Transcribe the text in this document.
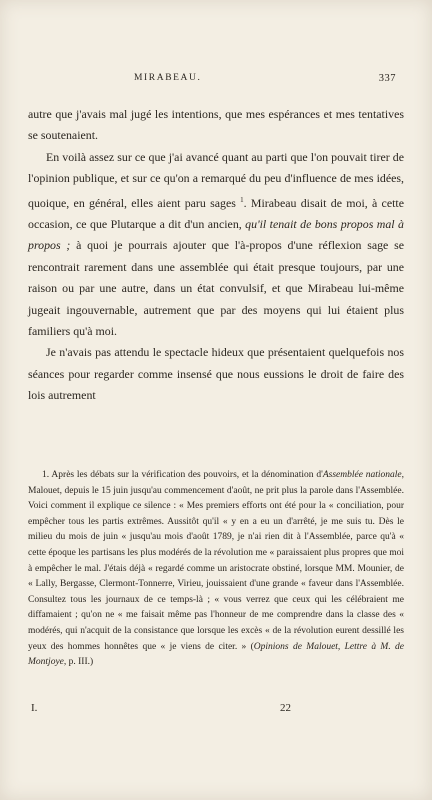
MIRABEAU.	337

autre que j'avais mal jugé les intentions, que mes espérances et mes tentatives se soutenaient.

En voilà assez sur ce que j'ai avancé quant au parti que l'on pouvait tirer de l'opinion publique, et sur ce qu'on a remarqué du peu d'influence de mes idées, quoique, en général, elles aient paru sages $^1$. Mirabeau disait de moi, à cette occasion, ce que Plutarque a dit d'un ancien, qu'il tenait de bons propos mal à propos ; à quoi je pourrais ajouter que l'à-propos d'une réflexion sage se rencontrait rarement dans une assemblée qui était presque toujours, par une raison ou par une autre, dans un état convulsif, et que Mirabeau lui-même jugeait ingouvernable, autrement que par des moyens qui lui étaient plus familiers qu'à moi.

Je n'avais pas attendu le spectacle hideux que présentaient quelquefois nos séances pour regarder comme insensé que nous eussions le droit de faire des lois autrement

1. Après les débats sur la vérification des pouvoirs, et la dénomination d'Assemblée nationale, Malouet, depuis le 15 juin jusqu'au commencement d'août, ne prit plus la parole dans l'Assemblée. Voici comment il explique ce silence : « Mes premiers efforts ont été pour la « conciliation, pour empêcher tous les partis extrêmes. Aussitôt qu'il « y en a eu un d'arrêté, je me suis tu. Dès le milieu du mois de juin « jusqu'au mois d'août 1789, je n'ai rien dit à l'Assemblée, parce qu'à « cette époque les partisans les plus modérés de la révolution me « paraissaient plus propres que moi à empêcher le mal. J'étais déjà « regardé comme un aristocrate obstiné, lorsque MM. Mounier, de « Lally, Bergasse, Clermont-Tonnerre, Virieu, jouissaient d'une grande « faveur dans l'Assemblée. Consultez tous les journaux de ce temps-là ; « vous verrez que ceux qui les célébraient me diffamaient ; qu'on ne « me faisait même pas l'honneur de me comprendre dans la classe des « modérés, qui n'acquit de la consistance que lorsque les excès « de la révolution eurent dessillé les yeux des hommes honnêtes que « je viens de citer. » (Opinions de Malouet, Lettre à M. de Montjoye, p. III.)

I.	22
